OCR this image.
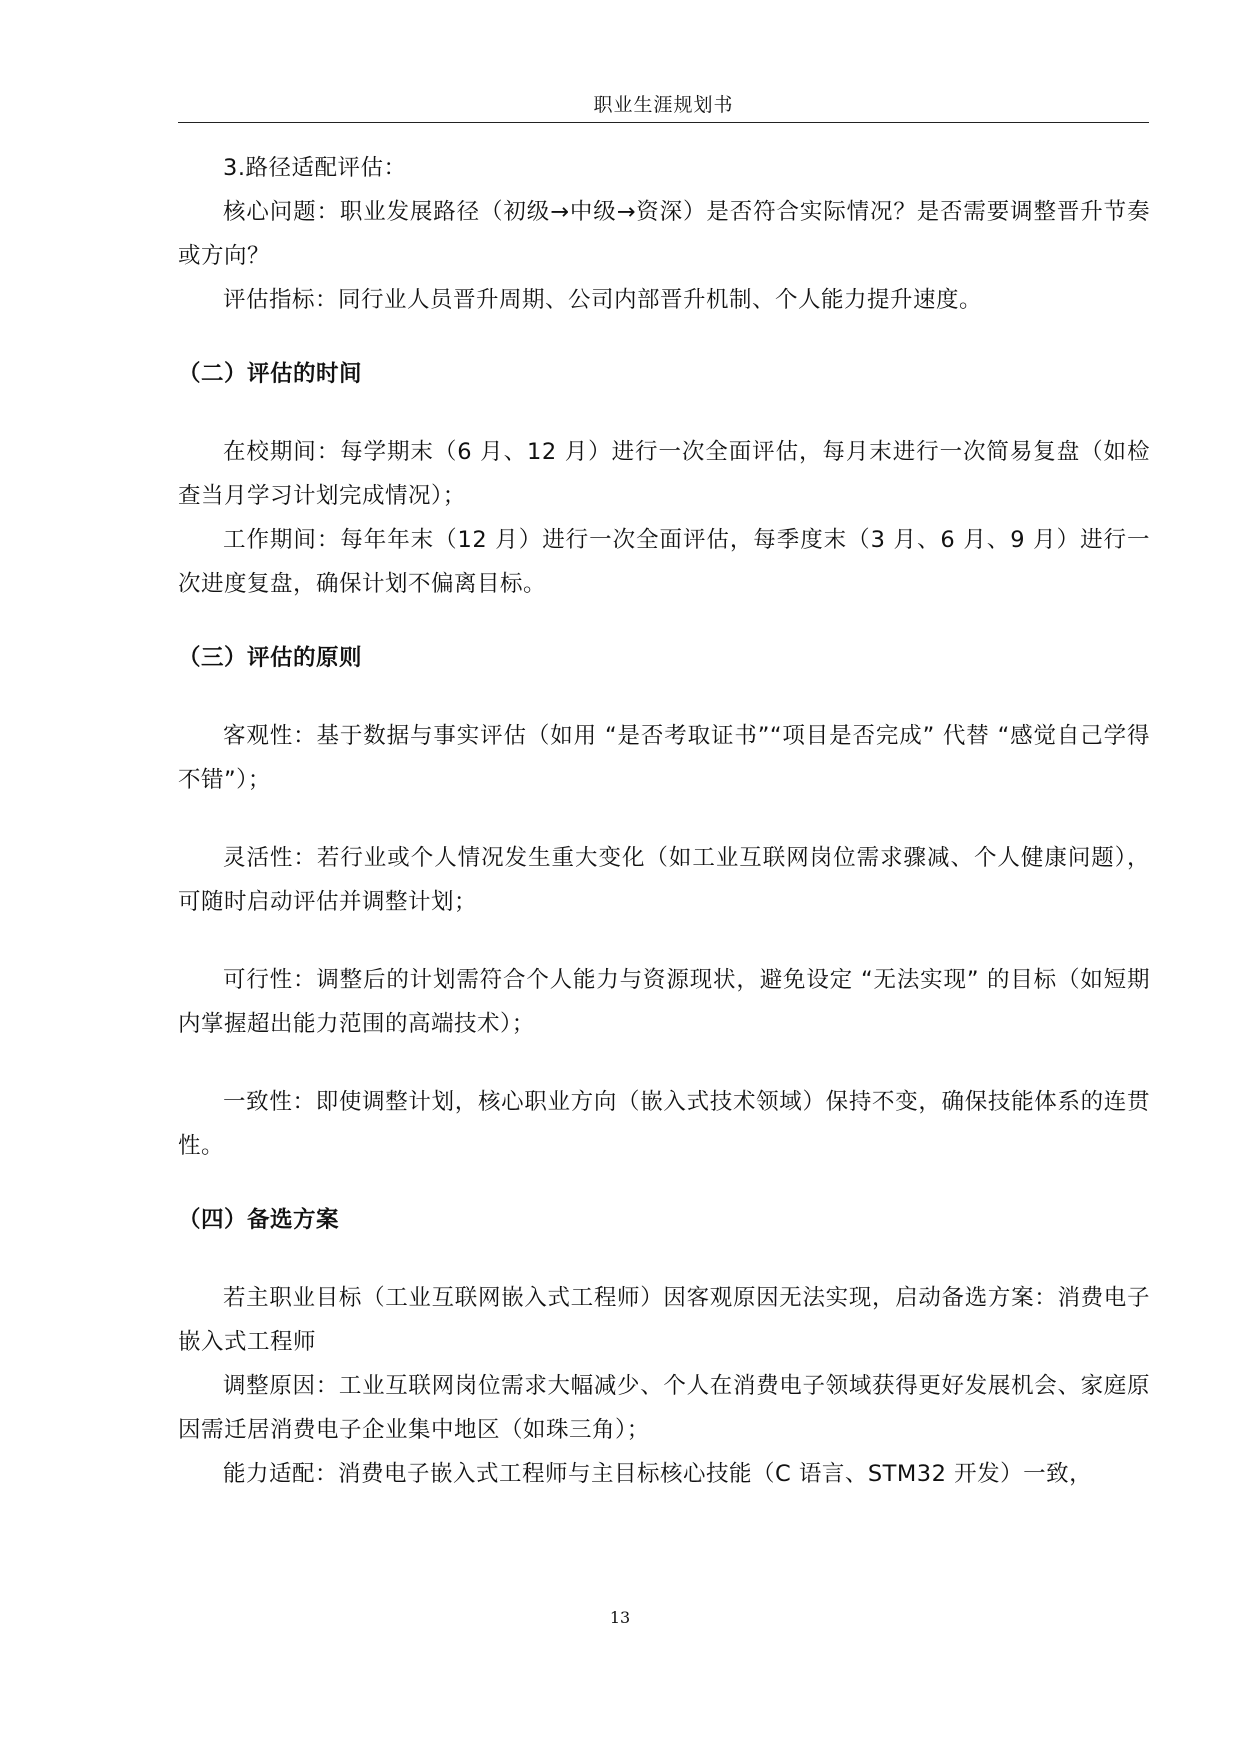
职业生涯规划书

3.路径适配评估：

核心问题：职业发展路径（初级→中级→资深）是否符合实际情况？是否需要调整晋升节奏或方向？

评估指标：同行业人员晋升周期、公司内部晋升机制、个人能力提升速度。

（二）评估的时间

在校期间：每学期末（6 月、12 月）进行一次全面评估，每月末进行一次简易复盘（如检查当月学习计划完成情况）；

工作期间：每年年末（12 月）进行一次全面评估，每季度末（3 月、6 月、9 月）进行一次进度复盘，确保计划不偏离目标。

（三）评估的原则

客观性：基于数据与事实评估（如用 “是否考取证书”“项目是否完成” 代替 “感觉自己学得不错”）；

灵活性：若行业或个人情况发生重大变化（如工业互联网岗位需求骤减、个人健康问题），可随时启动评估并调整计划；

可行性：调整后的计划需符合个人能力与资源现状，避免设定 “无法实现” 的目标（如短期内掌握超出能力范围的高端技术）；

一致性：即使调整计划，核心职业方向（嵌入式技术领域）保持不变，确保技能体系的连贯性。

（四）备选方案

若主职业目标（工业互联网嵌入式工程师）因客观原因无法实现，启动备选方案：消费电子嵌入式工程师

调整原因：工业互联网岗位需求大幅减少、个人在消费电子领域获得更好发展机会、家庭原因需迁居消费电子企业集中地区（如珠三角）；

能力适配：消费电子嵌入式工程师与主目标核心技能（C 语言、STM32 开发）一致，

13
